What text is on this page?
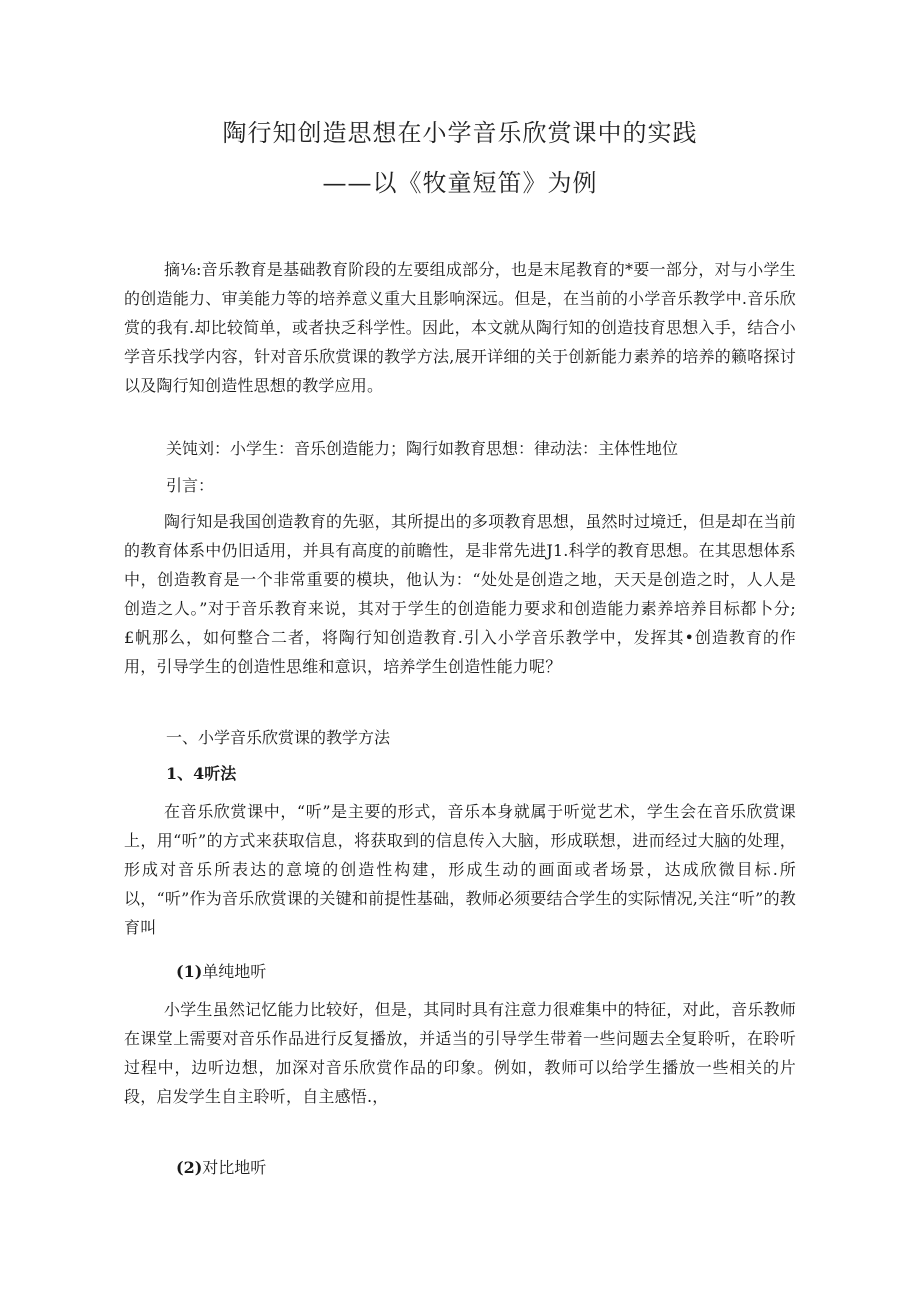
陶行知创造思想在小学音乐欣赏课中的实践
——以《牧童短笛》为例
摘⅛:音乐教育是基础教育阶段的左要组成部分，也是末尾教育的*要一部分，对与小学生的创造能力、审美能力等的培养意义重大且影响深远。但是，在当前的小学音乐教学中.音乐欣赏的我有.却比较简单，或者抉乏科学性。因此，本文就从陶行知的创造技育思想入手，结合小学音乐找学内容，针对音乐欣赏课的教学方法,展开详细的关于创新能力素养的培养的籁咯探讨以及陶行知创造性思想的教学应用。
关饨刘：小学生：音乐创造能力；陶行如教育思想：律动法：主体性地位
引言：
陶行知是我国创造教育的先驱，其所提出的多项教育思想，虽然时过境迁，但是却在当前的教育体系中仍旧适用，并具有高度的前瞻性，是非常先进J1.科学的教育思想。在其思想体系中，创造教育是一个非常重要的模块，他认为：“处处是创造之地，天天是创造之时，人人是创造之人。”对于音乐教育来说，其对于学生的创造能力要求和创造能力素养培养目标都卜分;£帆那么，如何整合二者，将陶行知创造教育.引入小学音乐教学中，发挥其•创造教育的作用，引导学生的创造性思维和意识，培养学生创造性能力呢？
一、小学音乐欣赏课的教学方法
1、4听法
在音乐欣赏课中，“听”是主要的形式，音乐本身就属于听觉艺术，学生会在音乐欣赏课上，用“听”的方式来获取信息，将获取到的信息传入大脑，形成联想，进而经过大脑的处理，形成对音乐所表达的意境的创造性构建，形成生动的画面或者场景，达成欣微目标.所以，“听”作为音乐欣赏课的关键和前提性基础，教师必须要结合学生的实际情况,关注“听”的教育叫
(1)单纯地听
小学生虽然记忆能力比较好，但是，其同时具有注意力很难集中的特征，对此，音乐教师在课堂上需要对音乐作品进行反复播放，并适当的引导学生带着一些问题去全复聆听，在聆听过程中，边听边想，加深对音乐欣赏作品的印象。例如，教师可以给学生播放一些相关的片段，启发学生自主聆听，自主感悟.，
(2)对比地听
